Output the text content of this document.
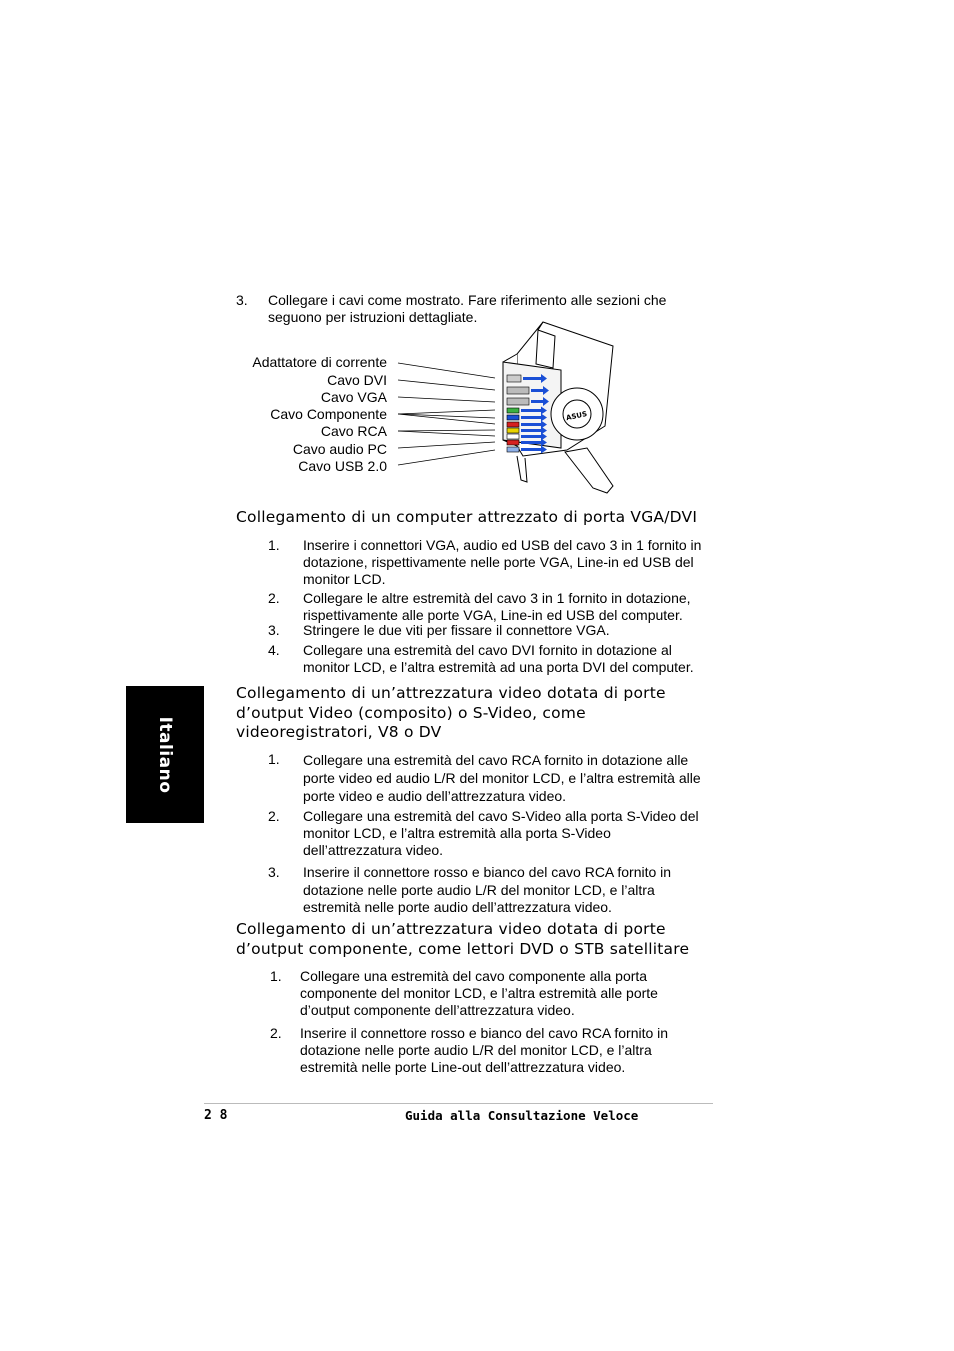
3. Collegare i cavi come mostrato. Fare riferimento alle sezioni che seguono per istruzioni dettagliate.
Adattatore di corrente
Cavo DVI
Cavo VGA
Cavo Componente
Cavo RCA
Cavo audio PC
Cavo USB 2.0
ASUS
Collegamento di un computer attrezzato di porta VGA/DVI
1. Inserire i connettori VGA, audio ed USB del cavo 3 in 1 fornito in dotazione, rispettivamente nelle porte VGA, Line-in ed USB del monitor LCD.
2. Collegare le altre estremità del cavo 3 in 1 fornito in dotazione, rispettivamente alle porte VGA, Line-in ed USB del computer.
3. Stringere le due viti per fissare il connettore VGA.
4. Collegare una estremità del cavo DVI fornito in dotazione al monitor LCD, e l’altra estremità ad una porta DVI del computer.
Collegamento di un’attrezzatura video dotata di porte d’output Video (composito) o S-Video, come videoregistratori, V8 o DV
1. Collegare una estremità del cavo RCA fornito in dotazione alle porte video ed audio L/R del monitor LCD, e l’altra estremità alle porte video e audio dell’attrezzatura video.
2. Collegare una estremità del cavo S-Video alla porta S-Video del monitor LCD, e l’altra estremità alla porta S-Video dell’attrezzatura video.
3. Inserire il connettore rosso e bianco del cavo RCA fornito in dotazione nelle porte audio L/R del monitor LCD, e l’altra estremità nelle porte audio dell’attrezzatura video.
Collegamento di un’attrezzatura video dotata di porte d’output componente, come lettori DVD o STB satellitare
1. Collegare una estremità del cavo componente alla porta componente del monitor LCD, e l’altra estremità alle porte d’output componente dell’attrezzatura video.
2. Inserire il connettore rosso e bianco del cavo RCA fornito in dotazione nelle porte audio L/R del monitor LCD, e l’altra estremità nelle porte Line-out dell’attrezzatura video.
Italiano
2 8	Guida alla Consultazione Veloce
